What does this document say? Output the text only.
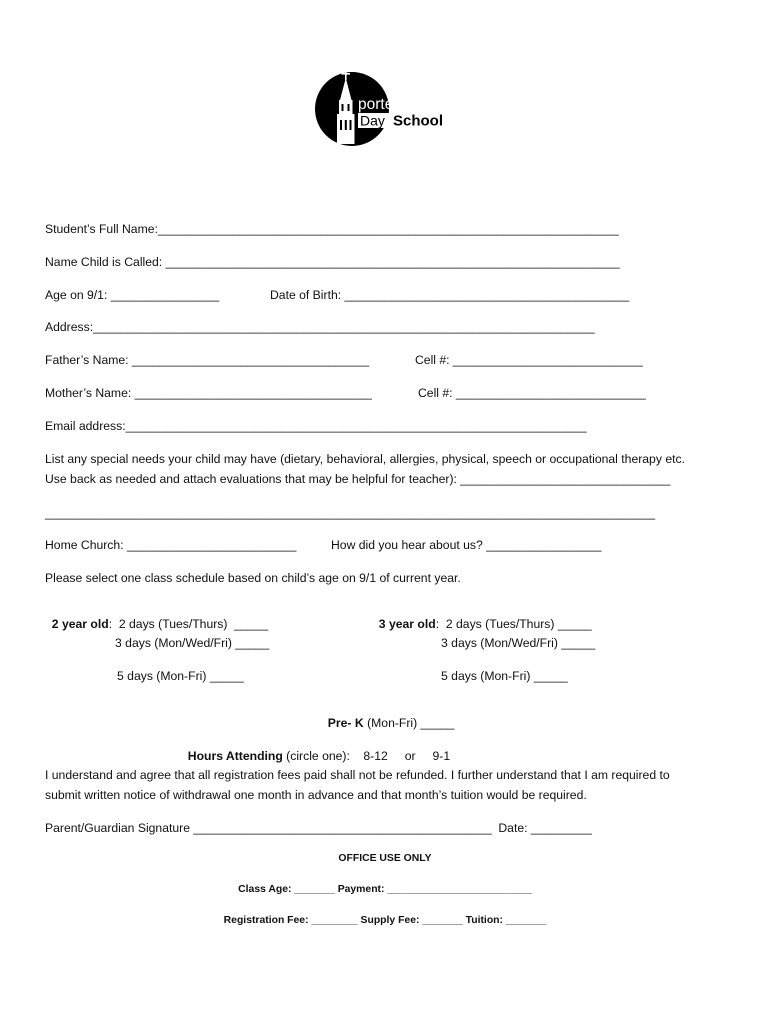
porterfield
Day School
Student’s Full Name:____________________________________________________________________
Name Child is Called: ___________________________________________________________________
Age on 9/1: ________________	Date of Birth: __________________________________________
Address:__________________________________________________________________________
Father’s Name: ___________________________________	Cell #: ____________________________
Mother’s Name: ___________________________________	Cell #: ____________________________
Email address:____________________________________________________________________
List any special needs your child may have (dietary, behavioral, allergies, physical, speech or occupational therapy etc.
Use back as needed and attach evaluations that may be helpful for teacher): _______________________________
__________________________________________________________________________________________
Home Church: _________________________	How did you hear about us? _________________
Please select one class schedule based on child’s age on 9/1 of current year.

2 year old:  2 days (Tues/Thurs)  _____	3 year old:  2 days (Tues/Thurs) _____

3 days (Mon/Wed/Fri) _____	3 days (Mon/Wed/Fri) _____
5 days (Mon-Fri) _____	5 days (Mon-Fri) _____

Pre- K (Mon-Fri) _____

Hours Attending (circle one):    8-12     or     9-1

I understand and agree that all registration fees paid shall not be refunded. I further understand that I am required to
submit written notice of withdrawal one month in advance and that month’s tuition would be required.
Parent/Guardian Signature ____________________________________________  Date: _________
OFFICE USE ONLY
Class Age: _______ Payment: _________________________
Registration Fee: ________ Supply Fee: _______ Tuition: _______
